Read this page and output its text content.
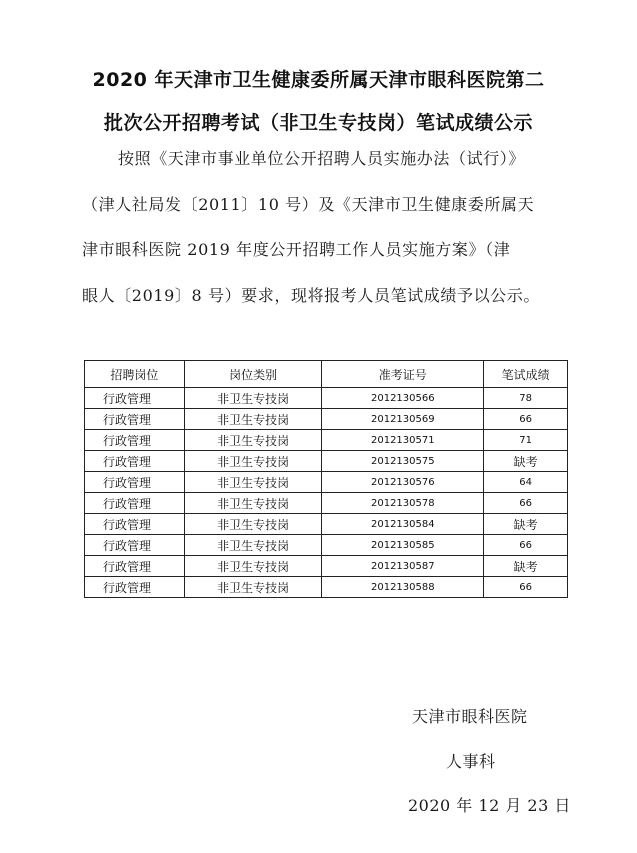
2020 年天津市卫生健康委所属天津市眼科医院第二
批次公开招聘考试（非卫生专技岗）笔试成绩公示
按照《天津市事业单位公开招聘人员实施办法（试行）》
（津人社局发〔2011〕10 号）及《天津市卫生健康委所属天
津市眼科医院 2019 年度公开招聘工作人员实施方案》（津
眼人〔2019〕8 号）要求，现将报考人员笔试成绩予以公示。
招聘岗位	岗位类别	准考证号	笔试成绩
行政管理	非卫生专技岗	2012130566	78
行政管理	非卫生专技岗	2012130569	66
行政管理	非卫生专技岗	2012130571	71
行政管理	非卫生专技岗	2012130575	缺考
行政管理	非卫生专技岗	2012130576	64
行政管理	非卫生专技岗	2012130578	66
行政管理	非卫生专技岗	2012130584	缺考
行政管理	非卫生专技岗	2012130585	66
行政管理	非卫生专技岗	2012130587	缺考
行政管理	非卫生专技岗	2012130588	66
天津市眼科医院
人事科
2020 年 12 月 23 日
